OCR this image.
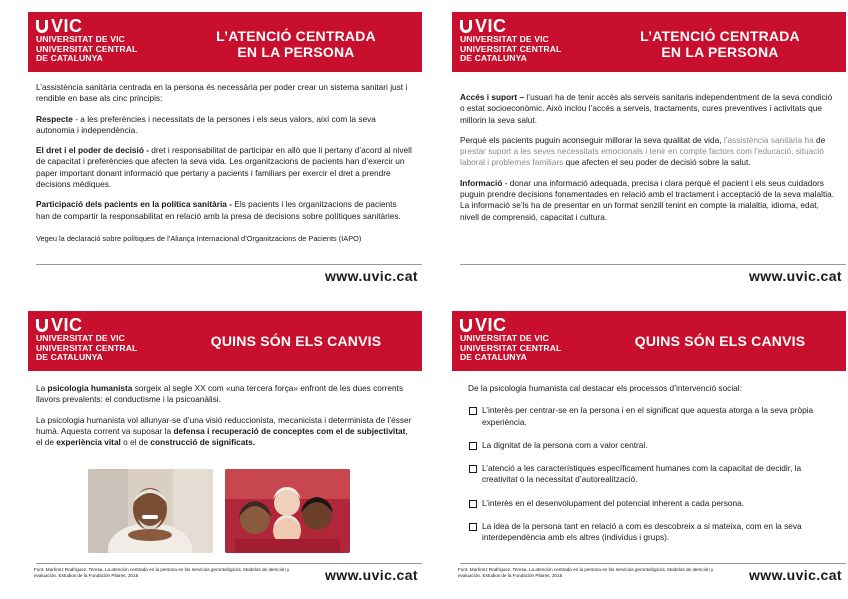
VIC
UNIVERSITAT DE VIC
UNIVERSITAT CENTRAL
DE CATALUNYA
L’ATENCIÓ CENTRADA
EN LA PERSONA

L’assistència sanitària centrada en la persona és necessària per poder crear un sistema sanitari just i rendible en base als cinc principis:

Respecte - a les preferències i necessitats de la persones i els seus valors, així com la seva autonomia i independència.

El dret i el poder de decisió - dret i responsabilitat de participar en allò que li pertany d’acord al nivell de capacitat i preferències que afecten la seva vida. Les organitzacions de pacients han d’exercir un paper important donant informació que pertany a pacients i familiars per exercir el dret a prendre decisions mèdiques.

Participació dels pacients en la política sanitària - Els pacients i les organitzacions de pacients han de compartir la responsabilitat en relació amb la presa de decisions sobre polítiques sanitàries.

Vegeu la declaració sobre polítiques de l’Aliança Internacional d’Organitzacions de Pacients (IAPO)

www.uvic.cat
VIC
UNIVERSITAT DE VIC
UNIVERSITAT CENTRAL
DE CATALUNYA
L’ATENCIÓ CENTRADA
EN LA PERSONA

Accés i suport – l’usuari ha de tenir accés als serveis sanitaris independentment de la seva condició o estat socioeconòmic. Això inclou l’accés a serveis, tractaments, cures preventives i activitats que millorin la seva salut.

Perquè els pacients puguin aconseguir millorar la seva qualitat de vida, l’assistència sanitària ha de prestar suport a les seves necessitats emocionals i tenir en compte factors com l’educació, situació laboral i problemes familiars que afecten el seu poder de decisió sobre la salut.

Informació - donar una informació adequada, precisa i clara perquè el pacient i els seus cuidadors puguin prendre decisions fonamentades en relació amb el tractament i acceptació de la seva malaltia. La informació se’ls ha de presentar en un format senzill tenint en compte la malaltia, idioma, edat, nivell de comprensió, capacitat i cultura.

www.uvic.cat
VIC
UNIVERSITAT DE VIC
UNIVERSITAT CENTRAL
DE CATALUNYA
QUINS SÓN ELS CANVIS

La psicologia humanista sorgeix al segle XX com «una tercera força» enfront de les dues corrents llavors prevalents: el conductisme i la psicoanàlisi.

La psicologia humanista vol allunyar-se d’una visió reduccionista, mecanicista i determinista de l’ésser humà. Aquesta corrent va suposar la defensa i recuperació de conceptes com el de subjectivitat, el de experiència vital o el de construcció de significats.

Font: Martínez Rodríguez, Teresa. La atención centrada en la persona en los servicios gerontológicos. Modelos de atención y evaluación. Estudios de la Fundación Pilares, 2016	www.uvic.cat
VIC
UNIVERSITAT DE VIC
UNIVERSITAT CENTRAL
DE CATALUNYA
QUINS SÓN ELS CANVIS

De la psicologia humanista cal destacar els processos d’intervenció social:

L’interès per centrar-se en la persona i en el significat que aquesta atorga a la seva pròpia experiència.
La dignitat de la persona com a valor central.
L’atenció a les característiques específicament humanes com la capacitat de decidir, la creativitat o la necessitat d’autorealització.
L’interès en el desenvolupament del potencial inherent a cada persona.
La idea de la persona tant en relació a com es descobreix a si mateixa, com en la seva interdependència amb els altres (individus i grups).
Font: Martínez Rodríguez, Teresa. La atención centrada en la persona en los servicios gerontológicos. Modelos de atención y evaluación. Estudios de la Fundación Pilares, 2016	www.uvic.cat
